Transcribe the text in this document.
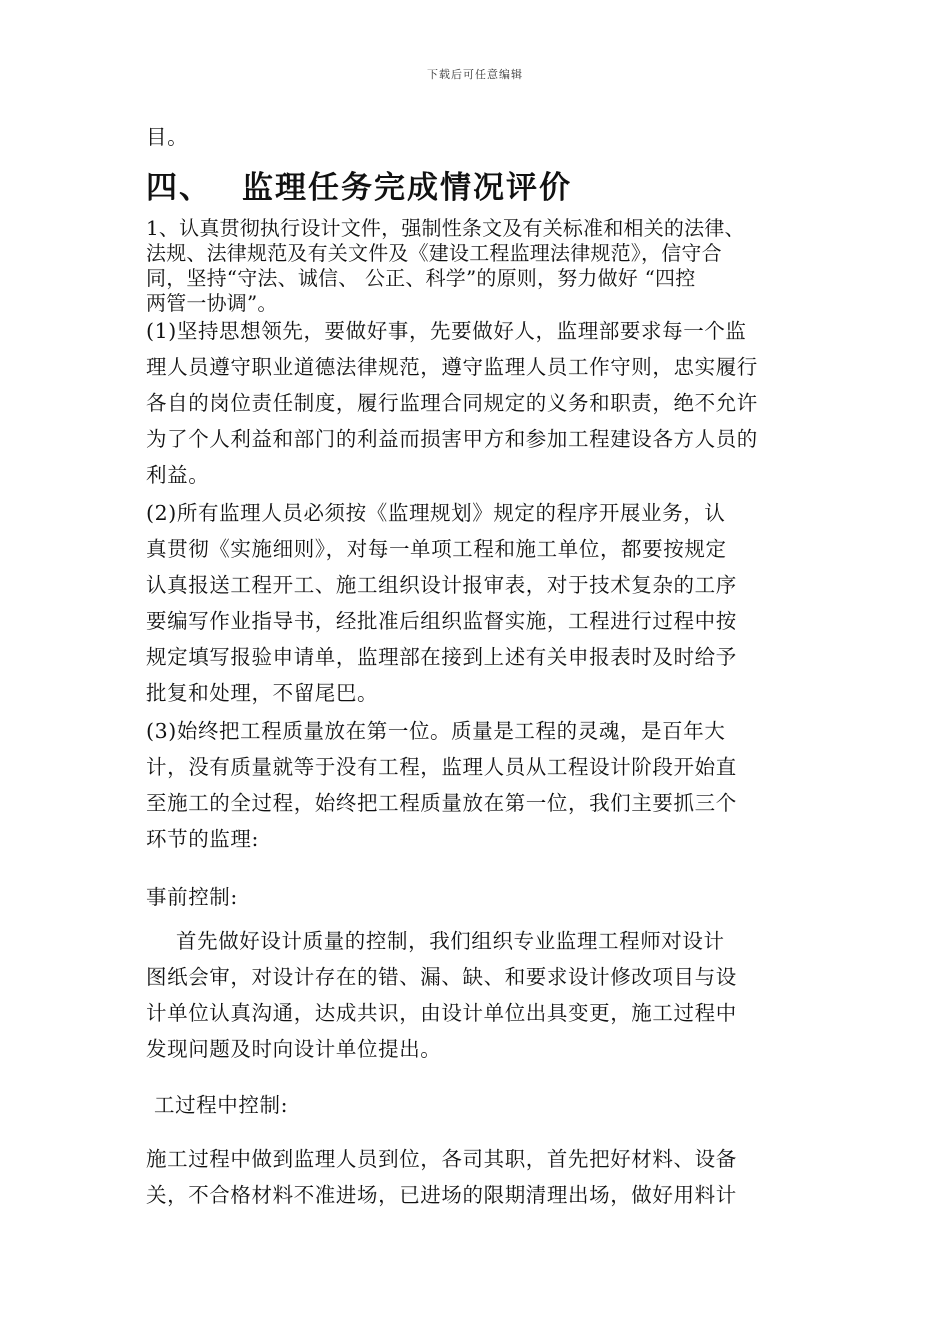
下载后可任意编辑
目。
四、 监理任务完成情况评价
1、认真贯彻执行设计文件，强制性条文及有关标准和相关的法律、
法规、法律规范及有关文件及《建设工程监理法律规范》，信守合
同，坚持“守法、诚信、 公正、科学”的原则，努力做好 “四控
两管一协调”。
(1)坚持思想领先，要做好事，先要做好人，监理部要求每一个监
理人员遵守职业道德法律规范，遵守监理人员工作守则，忠实履行
各自的岗位责任制度，履行监理合同规定的义务和职责，绝不允许
为了个人利益和部门的利益而损害甲方和参加工程建设各方人员的
利益。
(2)所有监理人员必须按《监理规划》规定的程序开展业务，认
真贯彻《实施细则》，对每一单项工程和施工单位，都要按规定
认真报送工程开工、施工组织设计报审表，对于技术复杂的工序
要编写作业指导书，经批准后组织监督实施，工程进行过程中按
规定填写报验申请单，监理部在接到上述有关申报表时及时给予
批复和处理，不留尾巴。
(3)始终把工程质量放在第一位。质量是工程的灵魂，是百年大
计，没有质量就等于没有工程，监理人员从工程设计阶段开始直
至施工的全过程，始终把工程质量放在第一位，我们主要抓三个
环节的监理:
事前控制:
首先做好设计质量的控制，我们组织专业监理工程师对设计
图纸会审，对设计存在的错、漏、缺、和要求设计修改项目与设
计单位认真沟通，达成共识，由设计单位出具变更，施工过程中
发现问题及时向设计单位提出。
工过程中控制:
施工过程中做到监理人员到位，各司其职，首先把好材料、设备
关，不合格材料不准进场，已进场的限期清理出场，做好用料计
